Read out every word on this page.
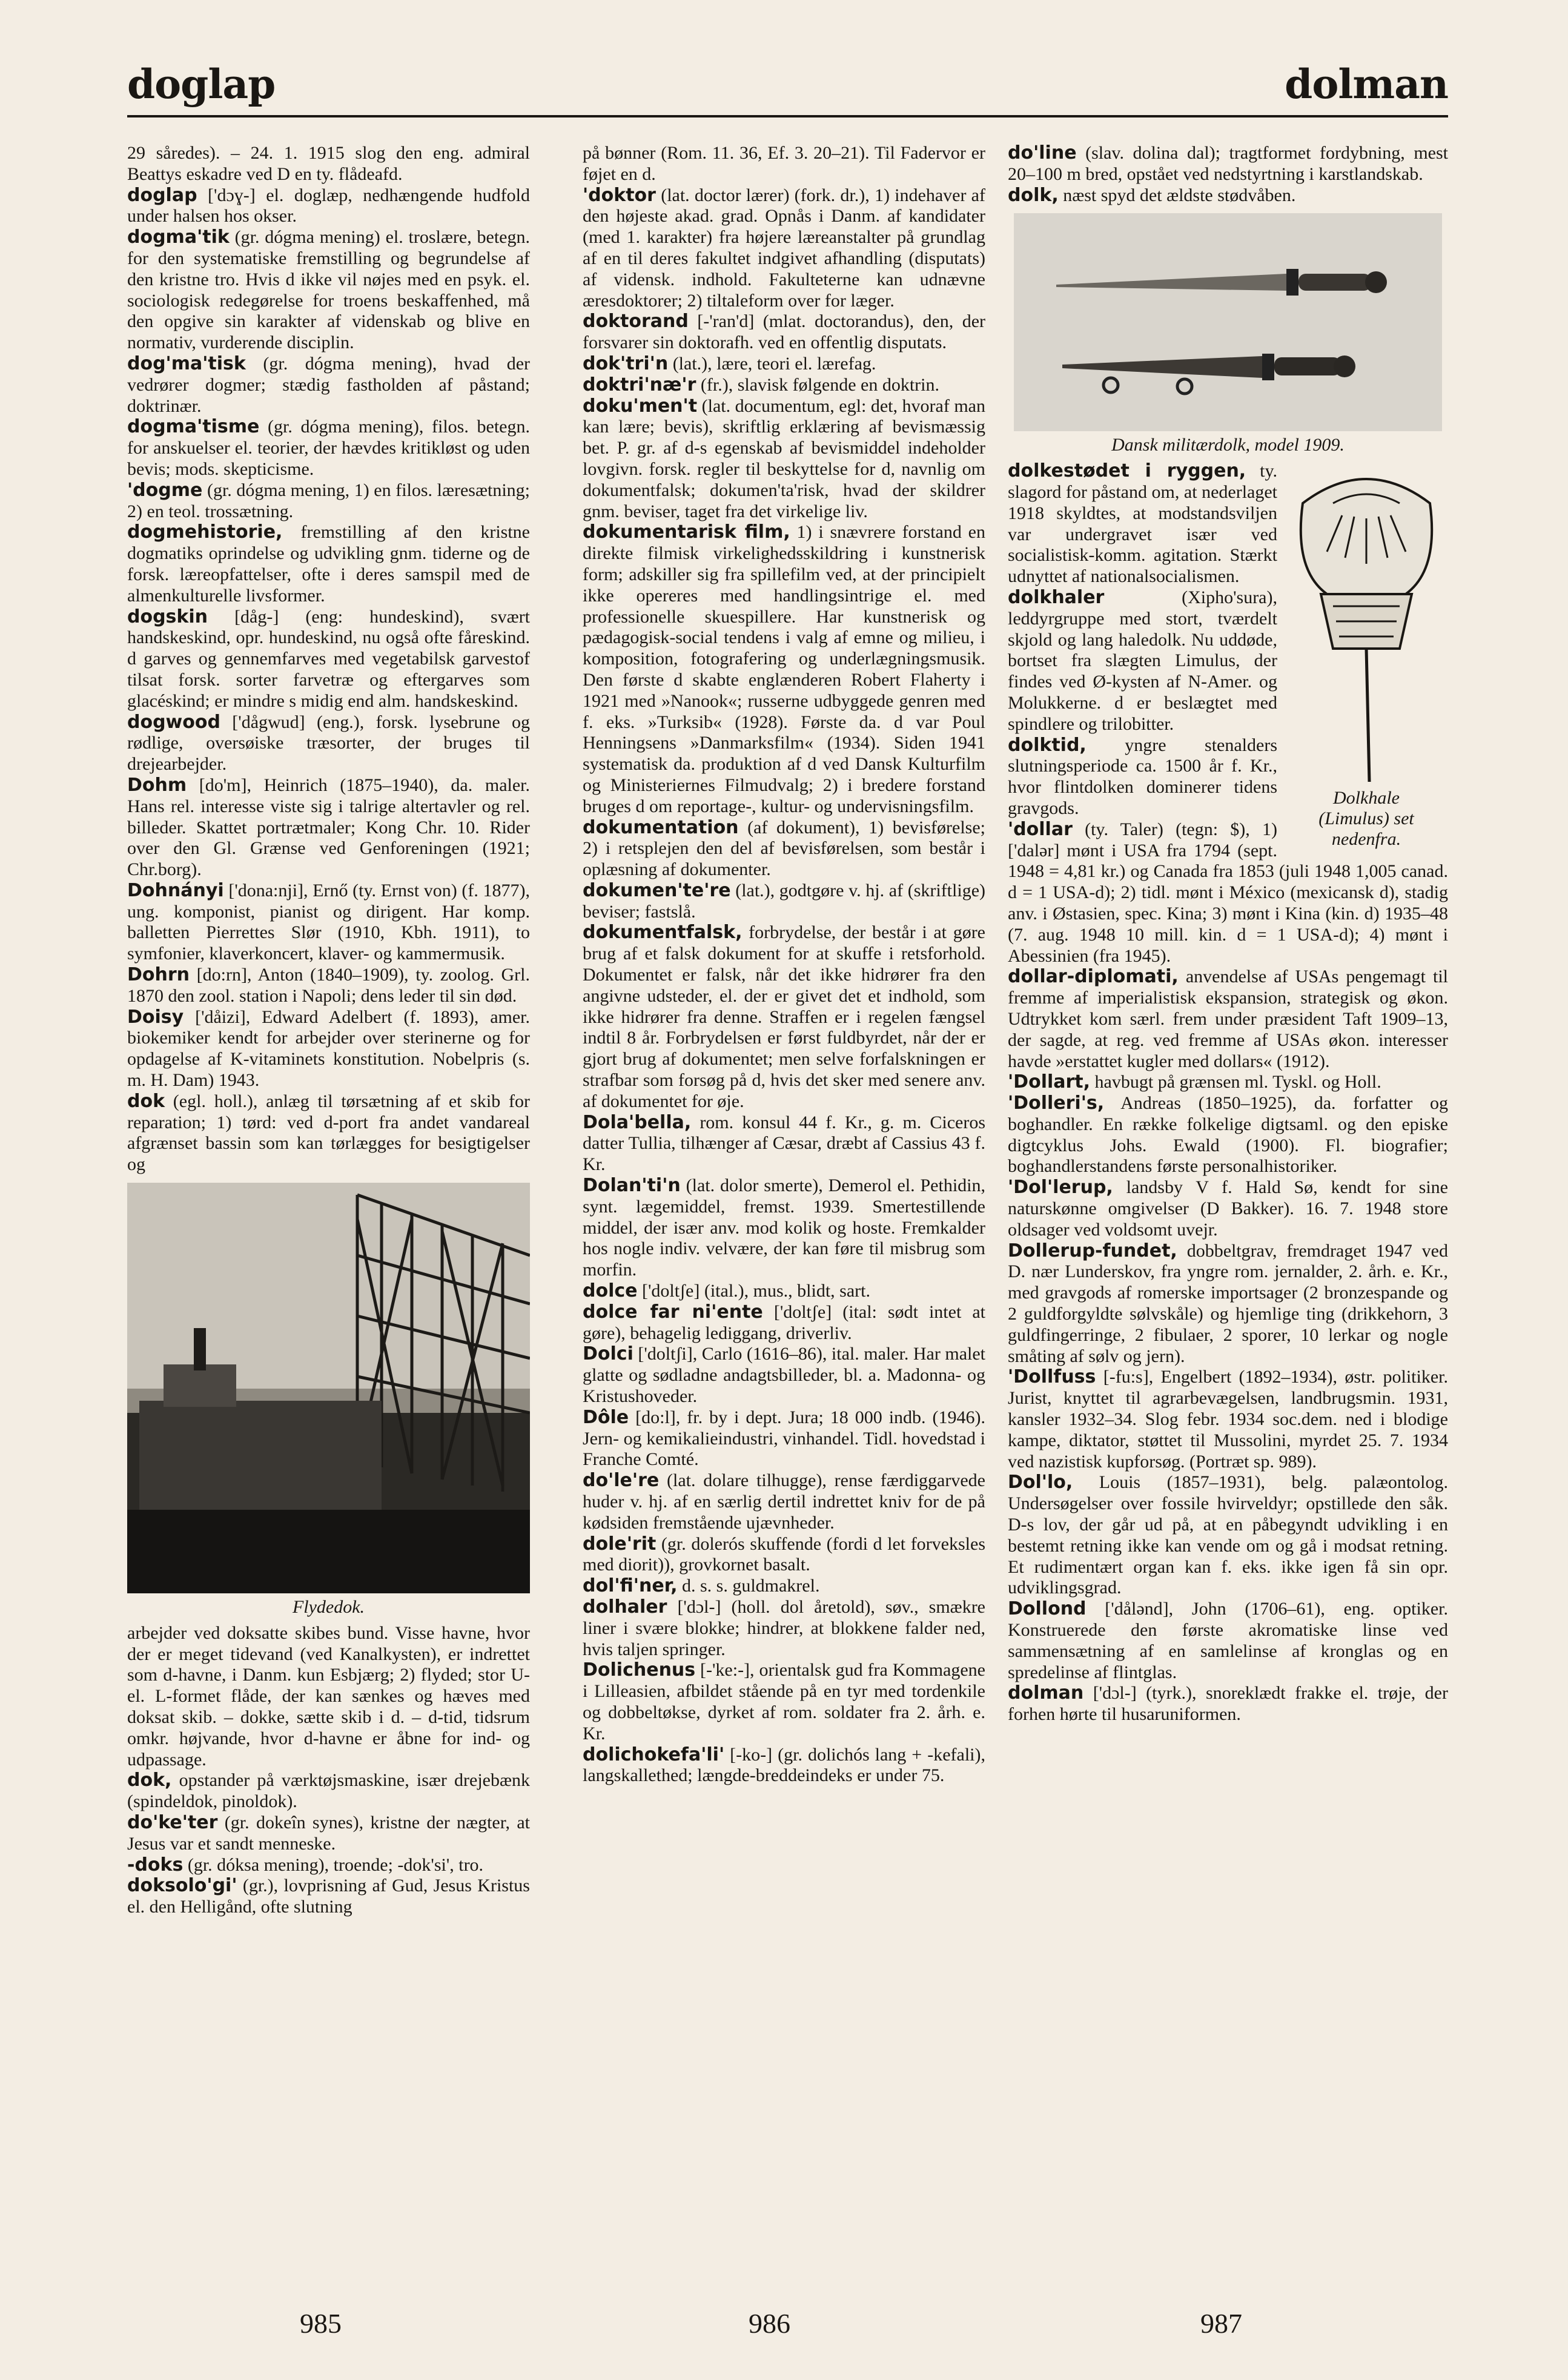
doglap	dolman
29 såredes). – 24. 1. 1915 slog den eng. admiral Beattys eskadre ved D en ty. flådeafd.
doglap ['dɔɣ-] el. doglæp, nedhængende hudfold under halsen hos okser.
dogma'tik (gr. dógma mening) el. troslære, betegn. for den systematiske fremstilling og begrundelse af den kristne tro. Hvis d ikke vil nøjes med en psyk. el. sociologisk redegørelse for troens beskaffenhed, må den opgive sin karakter af videnskab og blive en normativ, vurderende disciplin.
dog'ma'tisk (gr. dógma mening), hvad der vedrører dogmer; stædig fastholden af påstand; doktrinær.
dogma'tisme (gr. dógma mening), filos. betegn. for anskuelser el. teorier, der hævdes kritikløst og uden bevis; mods. skepticisme.
'dogme (gr. dógma mening, 1) en filos. læresætning; 2) en teol. trossætning.
dogmehistorie, fremstilling af den kristne dogmatiks oprindelse og udvikling gnm. tiderne og de forsk. læreopfattelser, ofte i deres samspil med de almenkulturelle livsformer.
dogskin [dåg-] (eng: hundeskind), svært handskeskind, opr. hundeskind, nu også ofte fåreskind. d garves og gennemfarves med vegetabilsk garvestof tilsat forsk. sorter farvetræ og eftergarves som glacéskind; er mindre s midig end alm. handskeskind.
dogwood ['dågwud] (eng.), forsk. lysebrune og rødlige, oversøiske træsorter, der bruges til drejearbejder.
Dohm [do'm], Heinrich (1875–1940), da. maler. Hans rel. interesse viste sig i talrige altertavler og rel. billeder. Skattet portrætmaler; Kong Chr. 10. Rider over den Gl. Grænse ved Genforeningen (1921; Chr.borg).
Dohnányi ['dona:nji], Ernő (ty. Ernst von) (f. 1877), ung. komponist, pianist og dirigent. Har komp. balletten Pierrettes Slør (1910, Kbh. 1911), to symfonier, klaverkoncert, klaver- og kammermusik.
Dohrn [do:rn], Anton (1840–1909), ty. zoolog. Grl. 1870 den zool. station i Napoli; dens leder til sin død.
Doisy ['dåizi], Edward Adelbert (f. 1893), amer. biokemiker kendt for arbejder over sterinerne og for opdagelse af K-vitaminets konstitution. Nobelpris (s. m. H. Dam) 1943.
dok (egl. holl.), anlæg til tørsætning af et skib for reparation; 1) tørd: ved d-port fra andet vandareal afgrænset bassin som kan tørlægges for besigtigelser og
Flydedok.
arbejder ved doksatte skibes bund. Visse havne, hvor der er meget tidevand (ved Kanalkysten), er indrettet som d-havne, i Danm. kun Esbjærg; 2) flyded; stor U- el. L-formet flåde, der kan sænkes og hæves med doksat skib. – dokke, sætte skib i d. – d-tid, tidsrum omkr. højvande, hvor d-havne er åbne for ind- og udpassage.
dok, opstander på værktøjsmaskine, især drejebænk (spindeldok, pinoldok).
do'ke'ter (gr. dokeîn synes), kristne der nægter, at Jesus var et sandt menneske.
-doks (gr. dóksa mening), troende; -dok'si', tro.
doksolo'gi' (gr.), lovprisning af Gud, Jesus Kristus el. den Helligånd, ofte slutning
på bønner (Rom. 11. 36, Ef. 3. 20–21). Til Fadervor er føjet en d.
'doktor (lat. doctor lærer) (fork. dr.), 1) indehaver af den højeste akad. grad. Opnås i Danm. af kandidater (med 1. karakter) fra højere læreanstalter på grundlag af en til deres fakultet indgivet afhandling (disputats) af vidensk. indhold. Fakulteterne kan udnævne æresdoktorer; 2) tiltaleform over for læger.
doktorand [-'ran'd] (mlat. doctorandus), den, der forsvarer sin doktorafh. ved en offentlig disputats.
dok'tri'n (lat.), lære, teori el. lærefag.
doktri'næ'r (fr.), slavisk følgende en doktrin.
doku'men't (lat. documentum, egl: det, hvoraf man kan lære; bevis), skriftlig erklæring af bevismæssig bet. P. gr. af d-s egenskab af bevismiddel indeholder lovgivn. forsk. regler til beskyttelse for d, navnlig om dokumentfalsk; dokumen'ta'risk, hvad der skildrer gnm. beviser, taget fra det virkelige liv.
dokumentarisk film, 1) i snævrere forstand en direkte filmisk virkelighedsskildring i kunstnerisk form; adskiller sig fra spillefilm ved, at der principielt ikke opereres med handlingsintrige el. med professionelle skuespillere. Har kunstnerisk og pædagogisk-social tendens i valg af emne og milieu, i komposition, fotografering og underlægningsmusik. Den første d skabte englænderen Robert Flaherty i 1921 med »Nanook«; russerne udbyggede genren med f. eks. »Turksib« (1928). Første da. d var Poul Henningsens »Danmarksfilm« (1934). Siden 1941 systematisk da. produktion af d ved Dansk Kulturfilm og Ministeriernes Filmudvalg; 2) i bredere forstand bruges d om reportage-, kultur- og undervisningsfilm.
dokumentation (af dokument), 1) bevisførelse; 2) i retsplejen den del af bevisførelsen, som består i oplæsning af dokumenter.
dokumen'te're (lat.), godtgøre v. hj. af (skriftlige) beviser; fastslå.
dokumentfalsk, forbrydelse, der består i at gøre brug af et falsk dokument for at skuffe i retsforhold. Dokumentet er falsk, når det ikke hidrører fra den angivne udsteder, el. der er givet det et indhold, som ikke hidrører fra denne. Straffen er i regelen fængsel indtil 8 år. Forbrydelsen er først fuldbyrdet, når der er gjort brug af dokumentet; men selve forfalskningen er strafbar som forsøg på d, hvis det sker med senere anv. af dokumentet for øje.
Dola'bella, rom. konsul 44 f. Kr., g. m. Ciceros datter Tullia, tilhænger af Cæsar, dræbt af Cassius 43 f. Kr.
Dolan'ti'n (lat. dolor smerte), Demerol el. Pethidin, synt. lægemiddel, fremst. 1939. Smertestillende middel, der især anv. mod kolik og hoste. Fremkalder hos nogle indiv. velvære, der kan føre til misbrug som morfin.
dolce ['doltʃe] (ital.), mus., blidt, sart.
dolce far ni'ente ['doltʃe] (ital: sødt intet at gøre), behagelig lediggang, driverliv.
Dolci ['doltʃi], Carlo (1616–86), ital. maler. Har malet glatte og sødladne andagtsbilleder, bl. a. Madonna- og Kristushoveder.
Dôle [do:l], fr. by i dept. Jura; 18 000 indb. (1946). Jern- og kemikalieindustri, vinhandel. Tidl. hovedstad i Franche Comté.
do'le're (lat. dolare tilhugge), rense færdiggarvede huder v. hj. af en særlig dertil indrettet kniv for de på kødsiden fremstående ujævnheder.
dole'rit (gr. dolerós skuffende (fordi d let forveksles med diorit)), grovkornet basalt.
dol'fi'ner, d. s. s. guldmakrel.
dolhaler ['dɔl-] (holl. dol åretold), søv., smækre liner i svære blokke; hindrer, at blokkene falder ned, hvis taljen springer.
Dolichenus [-'ke:-], orientalsk gud fra Kommagene i Lilleasien, afbildet stående på en tyr med tordenkile og dobbeltøkse, dyrket af rom. soldater fra 2. årh. e. Kr.
dolichokefa'li' [-ko-] (gr. dolichós lang + -kefali), langskallethed; længde-breddeindeks er under 75.
do'line (slav. dolina dal); tragtformet fordybning, mest 20–100 m bred, opstået ved nedstyrtning i karstlandskab.
dolk, næst spyd det ældste stødvåben.
Dansk militærdolk, model 1909.
Dolkhale
(Limulus) set
nedenfra.
dolkestødet i ryggen, ty. slagord for påstand om, at nederlaget 1918 skyldtes, at modstandsviljen var undergravet især ved socialistisk-komm. agitation. Stærkt udnyttet af nationalsocialismen.
dolkhaler (Xipho'sura), leddyrgruppe med stort, tværdelt skjold og lang haledolk. Nu uddøde, bortset fra slægten Limulus, der findes ved Ø-kysten af N-Amer. og Molukkerne. d er beslægtet med spindlere og trilobitter.
dolktid, yngre stenalders slutningsperiode ca. 1500 år f. Kr., hvor flintdolken dominerer tidens gravgods.
'dollar (ty. Taler) (tegn: $), 1) ['dalər] mønt i USA fra 1794 (sept. 1948 = 4,81 kr.) og Canada fra 1853 (juli 1948 1,005 canad. d = 1 USA-d); 2) tidl. mønt i México (mexicansk d), stadig anv. i Østasien, spec. Kina; 3) mønt i Kina (kin. d) 1935–48 (7. aug. 1948 10 mill. kin. d = 1 USA-d); 4) mønt i Abessinien (fra 1945).
dollar-diplomati, anvendelse af USAs pengemagt til fremme af imperialistisk ekspansion, strategisk og økon. Udtrykket kom særl. frem under præsident Taft 1909–13, der sagde, at reg. ved fremme af USAs økon. interesser havde »erstattet kugler med dollars« (1912).
'Dollart, havbugt på grænsen ml. Tyskl. og Holl.
'Dolleri's, Andreas (1850–1925), da. forfatter og boghandler. En række folkelige digtsaml. og den episke digtcyklus Johs. Ewald (1900). Fl. biografier; boghandlerstandens første personalhistoriker.
'Dol'lerup, landsby V f. Hald Sø, kendt for sine naturskønne omgivelser (D Bakker). 16. 7. 1948 store oldsager ved voldsomt uvejr.
Dollerup-fundet, dobbeltgrav, fremdraget 1947 ved D. nær Lunderskov, fra yngre rom. jernalder, 2. årh. e. Kr., med gravgods af romerske importsager (2 bronzespande og 2 guldforgyldte sølvskåle) og hjemlige ting (drikkehorn, 3 guldfingerringe, 2 fibulaer, 2 sporer, 10 lerkar og nogle småting af sølv og jern).
'Dollfuss [-fu:s], Engelbert (1892–1934), østr. politiker. Jurist, knyttet til agrarbevægelsen, landbrugsmin. 1931, kansler 1932–34. Slog febr. 1934 soc.dem. ned i blodige kampe, diktator, støttet til Mussolini, myrdet 25. 7. 1934 ved nazistisk kupforsøg. (Portræt sp. 989).
Dol'lo, Louis (1857–1931), belg. palæontolog. Undersøgelser over fossile hvirveldyr; opstillede den såk. D-s lov, der går ud på, at en påbegyndt udvikling i en bestemt retning ikke kan vende om og gå i modsat retning. Et rudimentært organ kan f. eks. ikke igen få sin opr. udviklingsgrad.
Dollond ['dålənd], John (1706–61), eng. optiker. Konstruerede den første akromatiske linse ved sammensætning af en samlelinse af kronglas og en spredelinse af flintglas.
dolman ['dɔl-] (tyrk.), snoreklædt frakke el. trøje, der forhen hørte til husaruniformen.
985	986	987
